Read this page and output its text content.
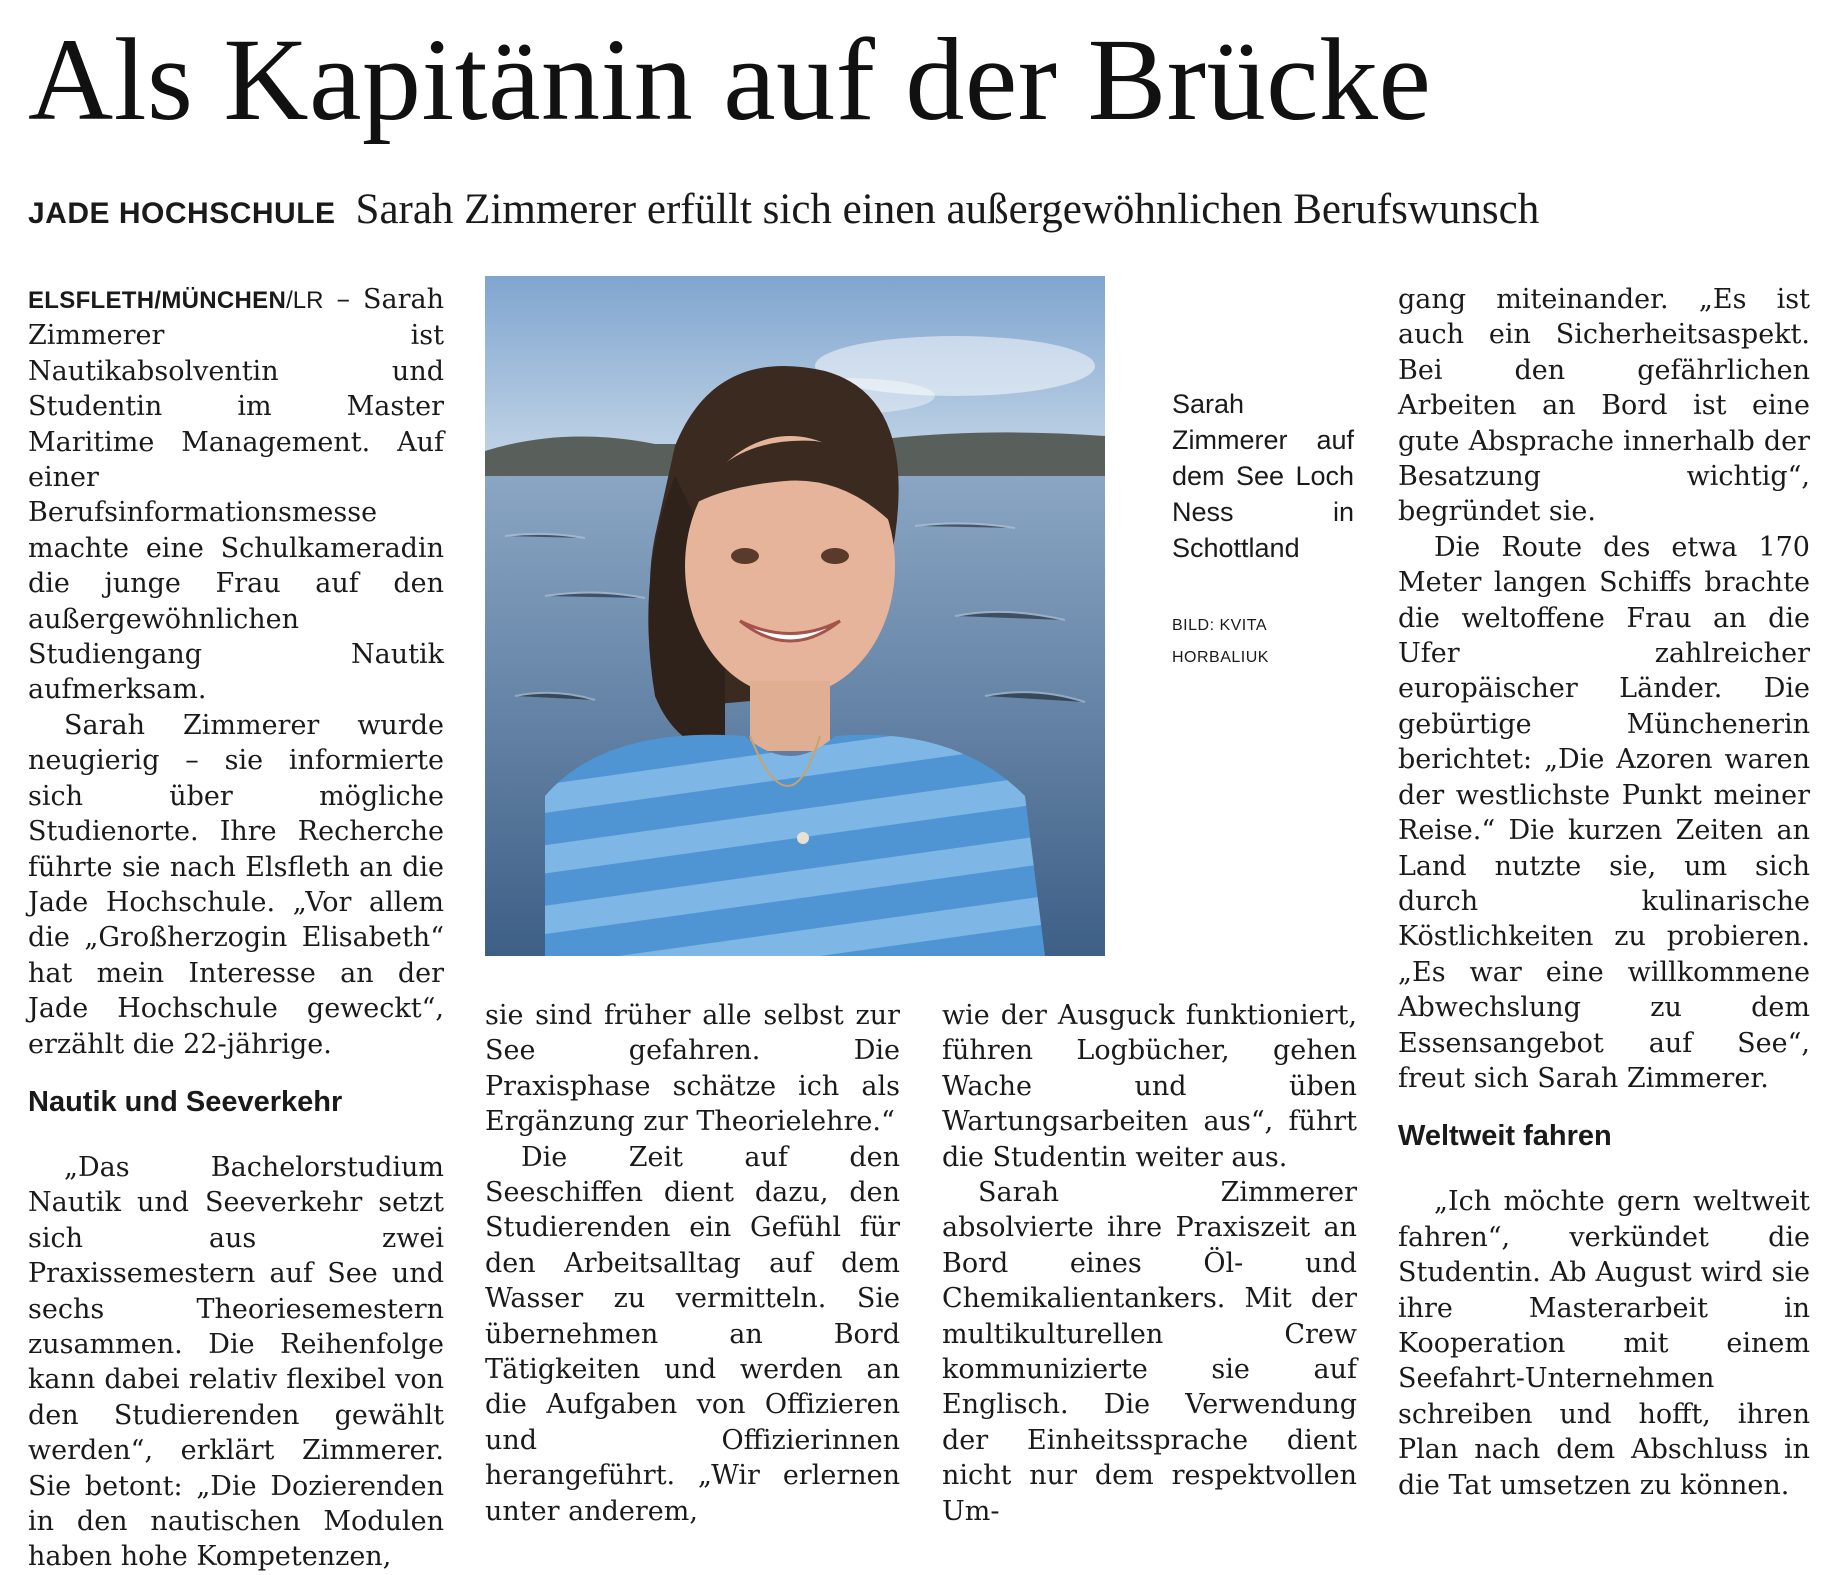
Als Kapitänin auf der Brücke
JADE HOCHSCHULE Sarah Zimmerer erfüllt sich einen außergewöhnlichen Berufswunsch

ELSFLETH/MÜNCHEN/LR – Sarah Zimmerer ist Nautikabsolventin und Studentin im Master Maritime Management. Auf einer Berufsinformationsmesse machte eine Schulkameradin die junge Frau auf den außergewöhnlichen Studiengang Nautik aufmerksam.

Sarah Zimmerer wurde neugierig – sie informierte sich über mögliche Studienorte. Ihre Recherche führte sie nach Elsfleth an die Jade Hochschule. „Vor allem die „Großherzogin Elisabeth“ hat mein Interesse an der Jade Hochschule geweckt“, erzählt die 22-jährige.

Nautik und Seeverkehr

„Das Bachelorstudium Nautik und Seeverkehr setzt sich aus zwei Praxissemestern auf See und sechs Theoriesemestern zusammen. Die Reihenfolge kann dabei relativ flexibel von den Studierenden gewählt werden“, erklärt Zimmerer. Sie betont: „Die Dozierenden in den nautischen Modulen haben hohe Kompetenzen,

Sarah Zimmerer auf dem See Loch Ness in Schottland
BILD: KVITA HORBALIUK

sie sind früher alle selbst zur See gefahren. Die Praxisphase schätze ich als Ergänzung zur Theorielehre.“

Die Zeit auf den Seeschiffen dient dazu, den Studierenden ein Gefühl für den Arbeitsalltag auf dem Wasser zu vermitteln. Sie übernehmen an Bord Tätigkeiten und werden an die Aufgaben von Offizieren und Offizierinnen herangeführt. „Wir erlernen unter anderem,

wie der Ausguck funktioniert, führen Logbücher, gehen Wache und üben Wartungsarbeiten aus“, führt die Studentin weiter aus.

Sarah Zimmerer absolvierte ihre Praxiszeit an Bord eines Öl- und Chemikalientankers. Mit der multikulturellen Crew kommunizierte sie auf Englisch. Die Verwendung der Einheitssprache dient nicht nur dem respektvollen Um-

gang miteinander. „Es ist auch ein Sicherheitsaspekt. Bei den gefährlichen Arbeiten an Bord ist eine gute Absprache innerhalb der Besatzung wichtig“, begründet sie.

Die Route des etwa 170 Meter langen Schiffs brachte die weltoffene Frau an die Ufer zahlreicher europäischer Länder. Die gebürtige Münchenerin berichtet: „Die Azoren waren der westlichste Punkt meiner Reise.“ Die kurzen Zeiten an Land nutzte sie, um sich durch kulinarische Köstlichkeiten zu probieren. „Es war eine willkommene Abwechslung zu dem Essensangebot auf See“, freut sich Sarah Zimmerer.

Weltweit fahren

„Ich möchte gern weltweit fahren“, verkündet die Studentin. Ab August wird sie ihre Masterarbeit in Kooperation mit einem Seefahrt-Unternehmen schreiben und hofft, ihren Plan nach dem Abschluss in die Tat umsetzen zu können.
